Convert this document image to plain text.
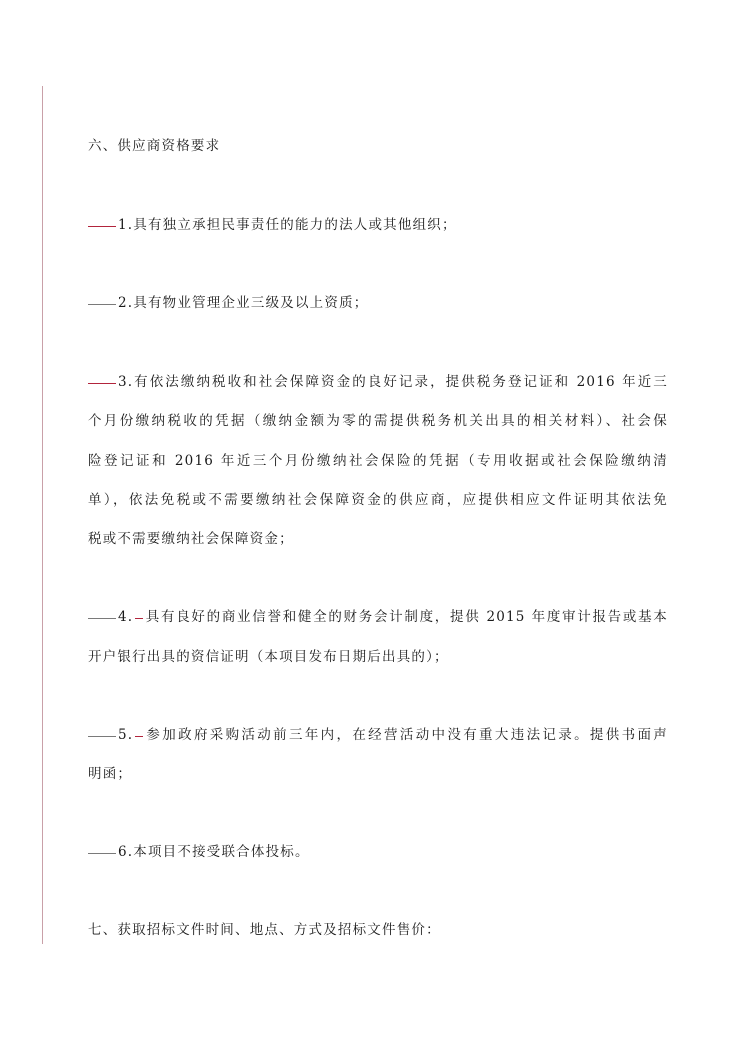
六、供应商资格要求
1.具有独立承担民事责任的能力的法人或其他组织；
2.具有物业管理企业三级及以上资质；
3.有依法缴纳税收和社会保障资金的良好记录，提供税务登记证和 2016 年近三
个月份缴纳税收的凭据（缴纳金额为零的需提供税务机关出具的相关材料）、社会保
险登记证和 2016 年近三个月份缴纳社会保险的凭据（专用收据或社会保险缴纳清
单），依法免税或不需要缴纳社会保障资金的供应商，应提供相应文件证明其依法免
税或不需要缴纳社会保障资金；
4. 具有良好的商业信誉和健全的财务会计制度，提供 2015 年度审计报告或基本
开户银行出具的资信证明（本项目发布日期后出具的）；
5. 参加政府采购活动前三年内，在经营活动中没有重大违法记录。提供书面声
明函；
6.本项目不接受联合体投标。
七、获取招标文件时间、地点、方式及招标文件售价：
